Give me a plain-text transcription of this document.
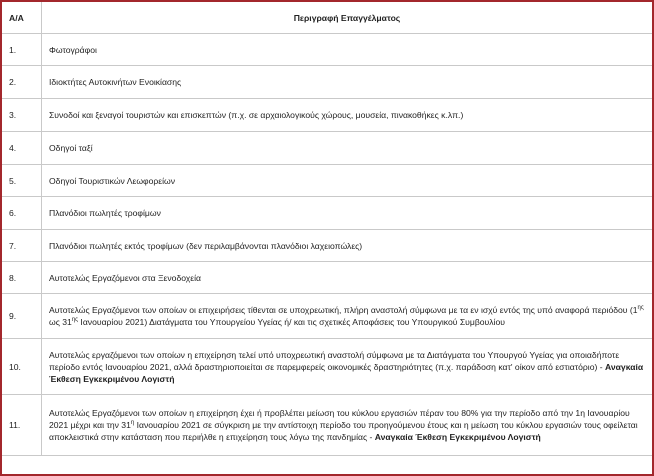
Α/Α	Περιγραφή Επαγγέλματος
1.	Φωτογράφοι
2.	Ιδιοκτήτες Αυτοκινήτων Ενοικίασης
3.	Συνοδοί και ξεναγοί τουριστών και επισκεπτών (π.χ. σε αρχαιολογικούς χώρους, μουσεία, πινακοθήκες κ.λπ.)
4.	Οδηγοί ταξί
5.	Οδηγοί Τουριστικών Λεωφορείων
6.	Πλανόδιοι πωλητές τροφίμων
7.	Πλανόδιοι πωλητές εκτός τροφίμων (δεν περιλαμβάνονται πλανόδιοι λαχειοπώλες)
8.	Αυτοτελώς Εργαζόμενοι στα Ξενοδοχεία
9.	Αυτοτελώς Εργαζόμενοι των οποίων οι επιχειρήσεις τίθενται σε υποχρεωτική, πλήρη αναστολή σύμφωνα με τα εν ισχύ εντός της υπό αναφορά περιόδου ($1^{\eta\varsigma}$ ως $31^{\eta\varsigma}$ Ιανουαρίου 2021) Διατάγματα του Υπουργείου Υγείας ή/ και τις σχετικές Αποφάσεις του Υπουργικού Συμβουλίου
10.	Αυτοτελώς εργαζόμενοι των οποίων η επιχείρηση τελεί υπό υποχρεωτική αναστολή σύμφωνα με τα Διατάγματα του Υπουργού Υγείας για οποιαδήποτε περίοδο εντός Ιανουαρίου 2021, αλλά δραστηριοποιείται σε παρεμφερείς οικονομικές δραστηριότητες (π.χ. παράδοση κατ' οίκον από εστιατόριο) - Αναγκαία Έκθεση Εγκεκριμένου Λογιστή
11.	Αυτοτελώς Εργαζόμενοι των οποίων η επιχείρηση έχει ή προβλέπει μείωση του κύκλου εργασιών πέραν του 80% για την περίοδο από την 1η Ιανουαρίου 2021 μέχρι και την $31^\eta$ Ιανουαρίου 2021 σε σύγκριση με την αντίστοιχη περίοδο του προηγούμενου έτους και η μείωση του κύκλου εργασιών τους οφείλεται αποκλειστικά στην κατάσταση που περιήλθε η επιχείρηση τους λόγω της πανδημίας - Αναγκαία Έκθεση Εγκεκριμένου Λογιστή
